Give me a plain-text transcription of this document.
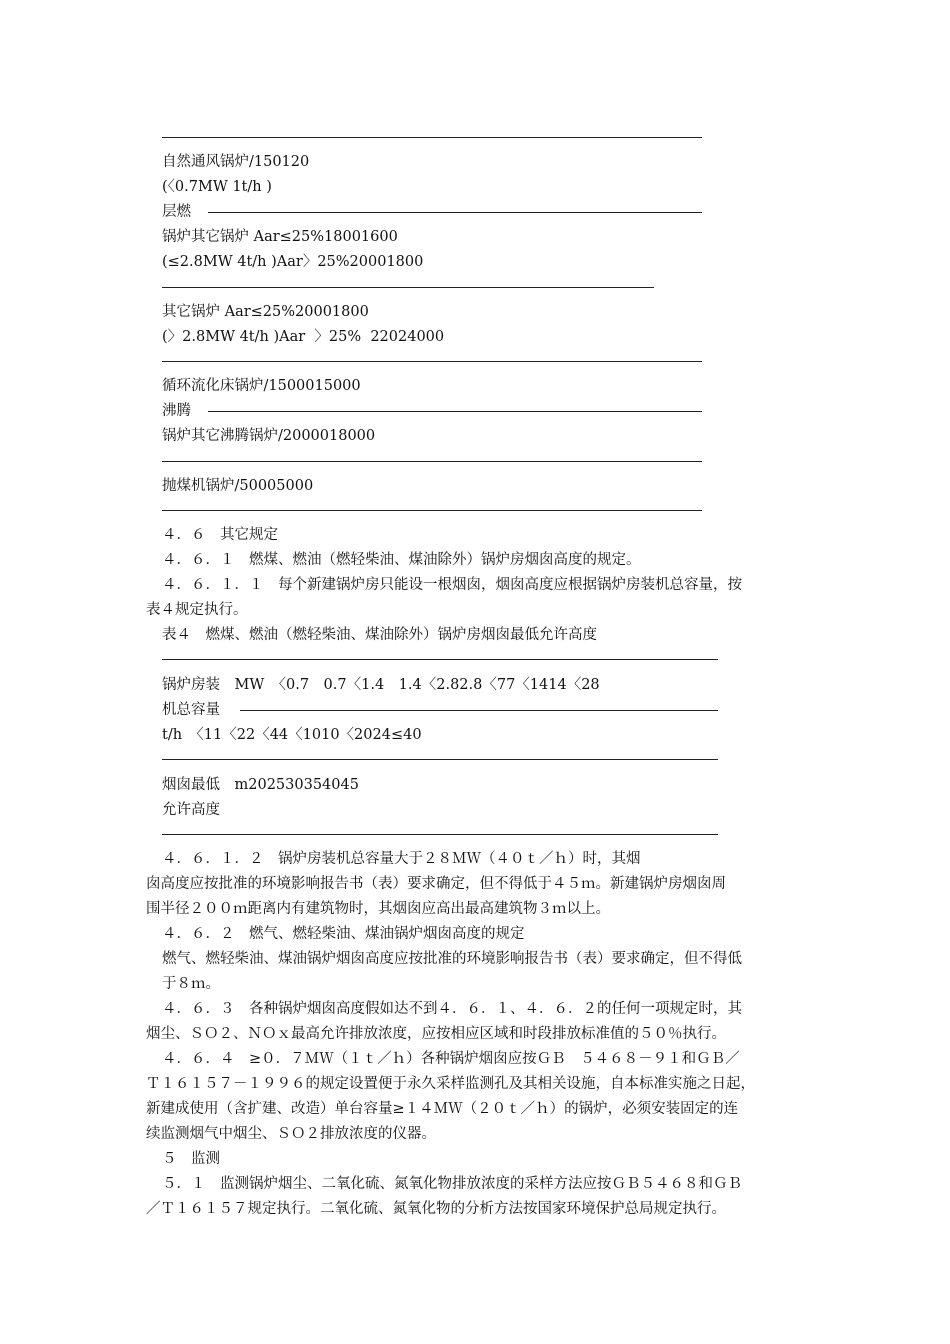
自然通风锅炉/150120
(〈0.7MW 1t/h )
层燃
锅炉其它锅炉 Aar≤25%18001600
(≤2.8MW 4t/h )Aar〉25%20001800
其它锅炉 Aar≤25%20001800
(〉2.8MW 4t/h )Aar  〉25%  22024000
循环流化床锅炉/1500015000
沸腾
锅炉其它沸腾锅炉/2000018000
抛煤机锅炉/50005000
４．６　其它规定
４．６．１　燃煤、燃油（燃轻柴油、煤油除外）锅炉房烟囱高度的规定。
４．６．１．１　每个新建锅炉房只能设一根烟囱，烟囱高度应根据锅炉房装机总容量，按
表４规定执行。
表４　燃煤、燃油（燃轻柴油、煤油除外）锅炉房烟囱最低允许高度
锅炉房装　MW　〈0.7　0.7〈1.4　1.4〈2.82.8〈77〈1414〈28
机总容量
t/h　〈11〈22〈44〈1010〈2024≤40
烟囱最低　m202530354045
允许高度
４．６．１．２　锅炉房装机总容量大于２８ＭＷ（４０ｔ／ｈ）时，其烟
囱高度应按批准的环境影响报告书（表）要求确定，但不得低于４５ｍ。新建锅炉房烟囱周
围半径２００ｍ距离内有建筑物时，其烟囱应高出最高建筑物３ｍ以上。
４．６．２　燃气、燃轻柴油、煤油锅炉烟囱高度的规定
燃气、燃轻柴油、煤油锅炉烟囱高度应按批准的环境影响报告书（表）要求确定，但不得低
于８ｍ。
４．６．３　各种锅炉烟囱高度假如达不到４．６．１、４．６．２的任何一项规定时，其
烟尘、ＳＯ２、ＮＯｘ最高允许排放浓度，应按相应区域和时段排放标准值的５０％执行。
４．６．４　≥０．７ＭＷ（１ｔ／ｈ）各种锅炉烟囱应按ＧＢ　５４６８－９１和ＧＢ／
Ｔ１６１５７－１９９６的规定设置便于永久采样监测孔及其相关设施，自本标准实施之日起，
新建成使用（含扩建、改造）单台容量≥１４ＭＷ（２０ｔ／ｈ）的锅炉，必须安装固定的连
续监测烟气中烟尘、ＳＯ２排放浓度的仪器。
５　监测
５．１　监测锅炉烟尘、二氧化硫、氮氧化物排放浓度的采样方法应按ＧＢ５４６８和ＧＢ
／Ｔ１６１５７规定执行。二氧化硫、氮氧化物的分析方法按国家环境保护总局规定执行。
